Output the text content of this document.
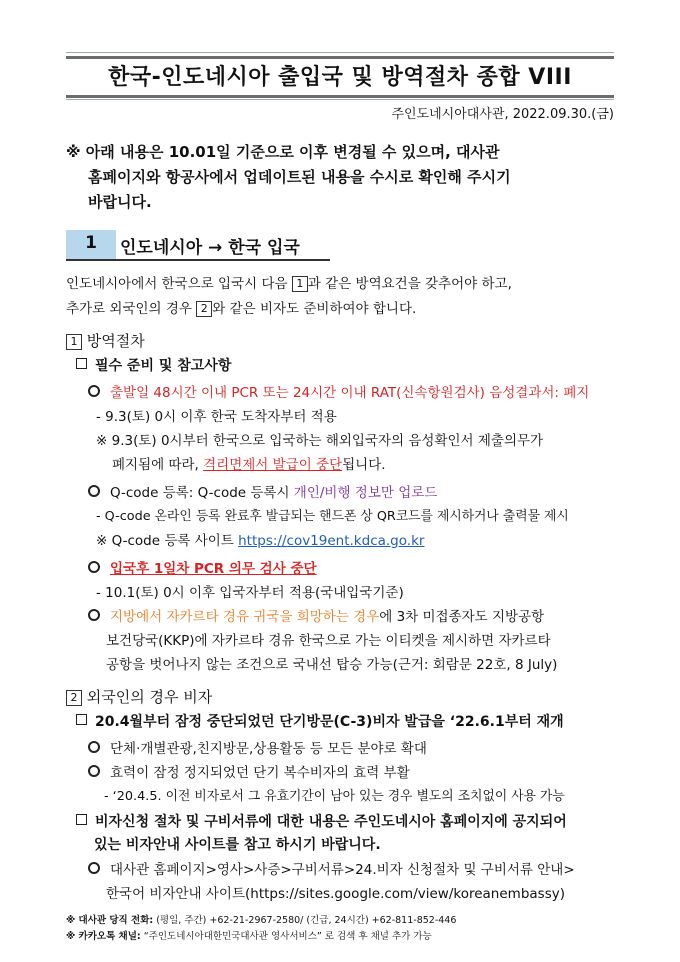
한국-인도네시아 출입국 및 방역절차 종합 VIII
주인도네시아대사관, 2022.09.30.(금)
※ 아래 내용은 10.01일 기준으로 이후 변경될 수 있으며, 대사관
홈페이지와 항공사에서 업데이트된 내용을 수시로 확인해 주시기
바랍니다.
1	인도네시아 → 한국 입국
인도네시아에서 한국으로 입국시 다음 1 과 같은 방역요건을 갖추어야 하고,
추가로 외국인의 경우 2 와 같은 비자도 준비하여야 합니다.
1 방역절차
필수 준비 및 참고사항
출발일 48시간 이내 PCR 또는 24시간 이내 RAT(신속항원검사) 음성결과서: 폐지
- 9.3(토) 0시 이후 한국 도착자부터 적용
※ 9.3(토) 0시부터 한국으로 입국하는 해외입국자의 음성확인서 제출의무가
폐지됨에 따라, 격리면제서 발급이 중단됩니다.
Q-code 등록: Q-code 등록시 개인/비행 정보만 업로드
- Q-code 온라인 등록 완료후 발급되는 핸드폰 상 QR코드를 제시하거나 출력물 제시
※ Q-code 등록 사이트 https://cov19ent.kdca.go.kr
입국후 1일차 PCR 의무 검사 중단
- 10.1(토) 0시 이후 입국자부터 적용(국내입국기준)
지방에서 자카르타 경유 귀국을 희망하는 경우에 3차 미접종자도 지방공항
보건당국(KKP)에 자카르타 경유 한국으로 가는 이티켓을 제시하면 자카르타
공항을 벗어나지 않는 조건으로 국내선 탑승 가능(근거: 회람문 22호, 8 July)
2 외국인의 경우 비자
20.4월부터 잠정 중단되었던 단기방문(C-3)비자 발급을 ‘22.6.1부터 재개
단체·개별관광,친지방문,상용활동 등 모든 분야로 확대
효력이 잠정 정지되었던 단기 복수비자의 효력 부활
- ‘20.4.5. 이전 비자로서 그 유효기간이 남아 있는 경우 별도의 조치없이 사용 가능
비자신청 절차 및 구비서류에 대한 내용은 주인도네시아 홈페이지에 공지되어
있는 비자안내 사이트를 참고 하시기 바랍니다.
대사관 홈페이지>영사>사증>구비서류>24.비자 신청절차 및 구비서류 안내>
한국어 비자안내 사이트(https://sites.google.com/view/koreanembassy)
※ 대사관 당직 전화: (평일, 주간) +62-21-2967-2580/ (긴급, 24시간) +62-811-852-446
※ 카카오톡 채널: “주인도네시아대한민국대사관 영사서비스” 로 검색 후 채널 추가 가능
